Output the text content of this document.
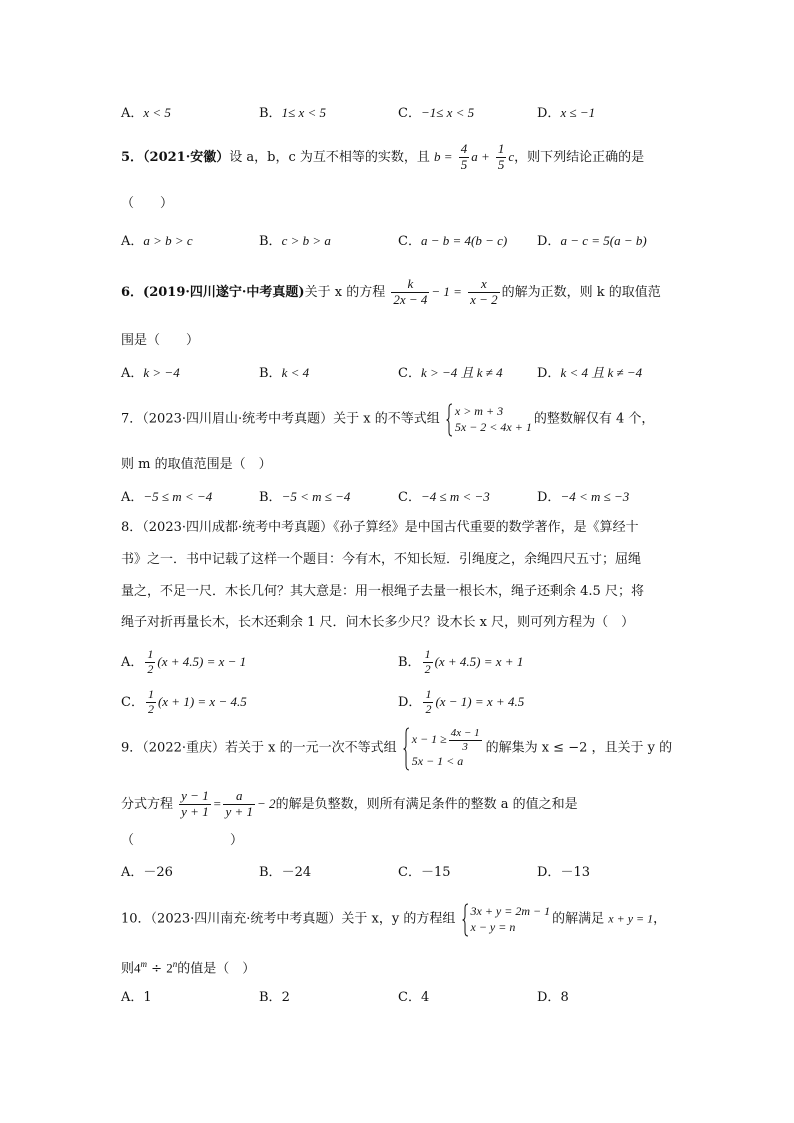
A．x < 5	B．1≤ x < 5	C．−1≤ x < 5	D．x ≤ −1
5．（2021·安徽）设 a，b，c 为互不相等的实数，且 $b = \frac{4}{5}$ $a + \frac{1}{5}$ c，则下列结论正确的是
（　　）
A．a > b > c	B．c > b > a	C．a − b = 4(b − c) D．a − c = 5(a − b)
6．(2019·四川遂宁·中考真题)关于 x 的方程 $\frac{k}{2x - 4} - 1 = \frac{x}{x - 2}$ 的解为正数，则 k 的取值范
围是（　　）
A．k > −4	B．k < 4	C．k > −4 且 k ≠ 4	D．k < 4 且 k ≠ −4
7．（2023·四川眉山·统考中考真题）关于 x 的不等式组
x > m + 3
5x − 2 < 4x + 1
的整数解仅有 4 个，
则 m 的取值范围是（　）
A．−5 ≤ m < −4	B．−5 < m ≤ −4	C．−4 ≤ m < −3	D．−4 < m ≤ −3
8．（2023·四川成都·统考中考真题）《孙子算经》是中国古代重要的数学著作，是《算经十
书》之一．书中记载了这样一个题目：今有木，不知长短．引绳度之，余绳四尺五寸；屈绳
量之，不足一尺．木长几何？其大意是：用一根绳子去量一根长木，绳子还剩余 4.5 尺；将
绳子对折再量长木，长木还剩余 1 尺．问木长多少尺？设木长 x 尺，则可列方程为（　）
A． $\frac{1}{2} (x + 4.5) = x - 1$	B． $\frac{1}{2} (x + 4.5) = x + 1$
C． $\frac{1}{2} (x + 1) = x - 4.5$	D． $\frac{1}{2} (x - 1) = x + 4.5$
9．（2022·重庆）若关于 x 的一元一次不等式组
$x - 1 \ge \frac{4x - 1}{3}$
5x − 1 < a
的解集为 x ≤ −2 ，且关于 y 的
分式方程 $\frac{y - 1}{y + 1} = \frac{a}{y + 1} - 2$的解是负整数，则所有满足条件的整数 a 的值之和是
（	）
A．－26	B．－24	C．－15	D．－13
10．（2023·四川南充·统考中考真题）关于 x，y 的方程组
3x + y = 2m − 1
x − y = n
的解满足 x + y = 1，
则$4^m \div 2^n$的值是（　）
A．1	B．2	C．4	D．8
